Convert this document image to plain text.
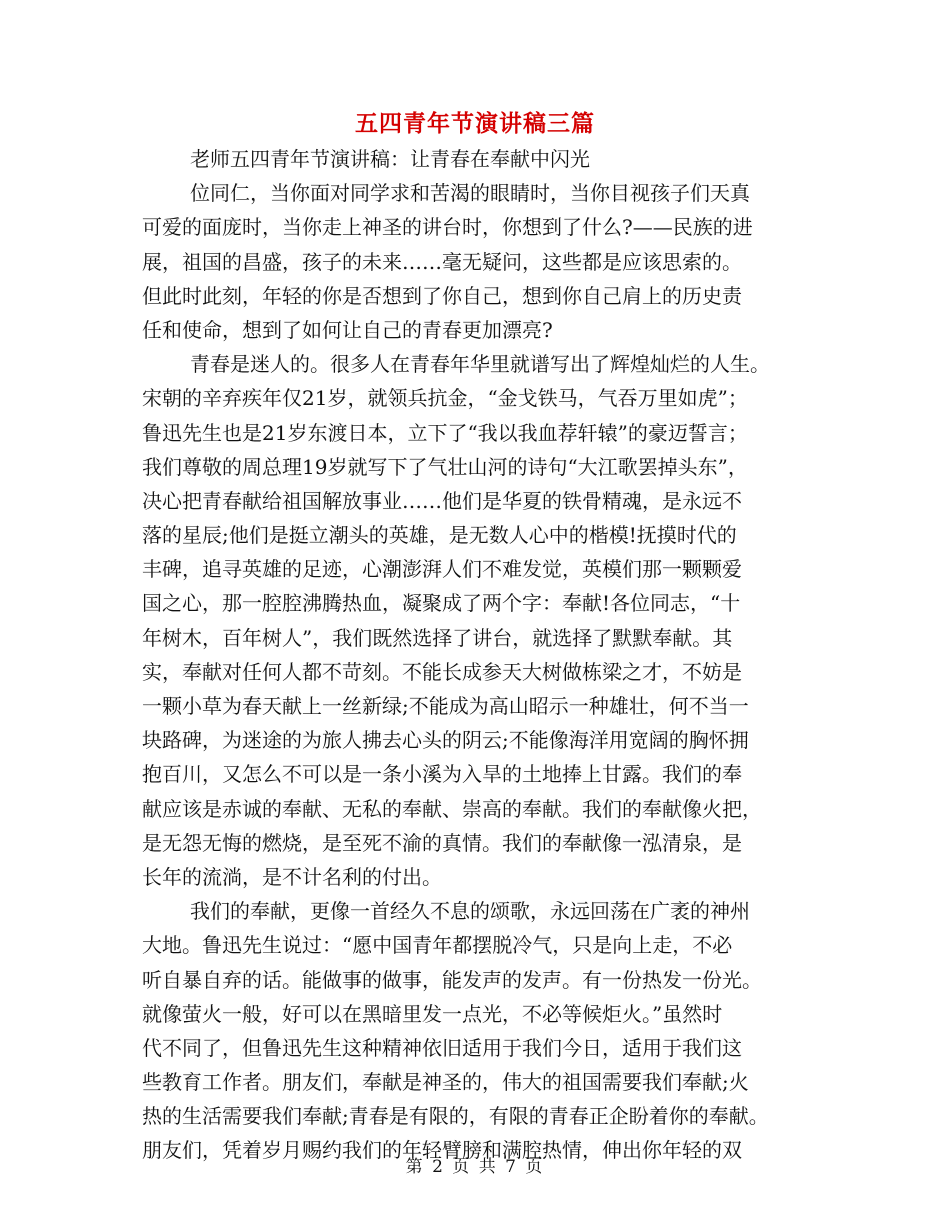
五四青年节演讲稿三篇
老师五四青年节演讲稿：让青春在奉献中闪光
位同仁，当你面对同学求和苦渴的眼睛时，当你目视孩子们天真
可爱的面庞时，当你走上神圣的讲台时，你想到了什么?——民族的进
展，祖国的昌盛，孩子的未来……毫无疑问，这些都是应该思索的。
但此时此刻，年轻的你是否想到了你自己，想到你自己肩上的历史责
任和使命，想到了如何让自己的青春更加漂亮?
青春是迷人的。很多人在青春年华里就谱写出了辉煌灿烂的人生。
宋朝的辛弃疾年仅21岁，就领兵抗金，“金戈铁马，气吞万里如虎”；
鲁迅先生也是21岁东渡日本，立下了“我以我血荐轩辕”的豪迈誓言；
我们尊敬的周总理19岁就写下了气壮山河的诗句“大江歌罢掉头东”，
决心把青春献给祖国解放事业……他们是华夏的铁骨精魂，是永远不
落的星辰;他们是挺立潮头的英雄，是无数人心中的楷模!抚摸时代的
丰碑，追寻英雄的足迹，心潮澎湃人们不难发觉，英模们那一颗颗爱
国之心，那一腔腔沸腾热血，凝聚成了两个字：奉献!各位同志，“十
年树木，百年树人”，我们既然选择了讲台，就选择了默默奉献。其
实，奉献对任何人都不苛刻。不能长成参天大树做栋梁之才，不妨是
一颗小草为春天献上一丝新绿;不能成为高山昭示一种雄壮，何不当一
块路碑，为迷途的为旅人拂去心头的阴云;不能像海洋用宽阔的胸怀拥
抱百川，又怎么不可以是一条小溪为入旱的土地捧上甘露。我们的奉
献应该是赤诚的奉献、无私的奉献、崇高的奉献。我们的奉献像火把，
是无怨无悔的燃烧，是至死不渝的真情。我们的奉献像一泓清泉，是
长年的流淌，是不计名利的付出。
我们的奉献，更像一首经久不息的颂歌，永远回荡在广袤的神州
大地。鲁迅先生说过：“愿中国青年都摆脱冷气，只是向上走，不必
听自暴自弃的话。能做事的做事，能发声的发声。有一份热发一份光。
就像萤火一般，好可以在黑暗里发一点光，不必等候炬火。”虽然时
代不同了，但鲁迅先生这种精神依旧适用于我们今日，适用于我们这
些教育工作者。朋友们，奉献是神圣的，伟大的祖国需要我们奉献;火
热的生活需要我们奉献;青春是有限的，有限的青春正企盼着你的奉献。
朋友们，凭着岁月赐约我们的年轻臂膀和满腔热情，伸出你年轻的双
第 2 页 共 7 页
